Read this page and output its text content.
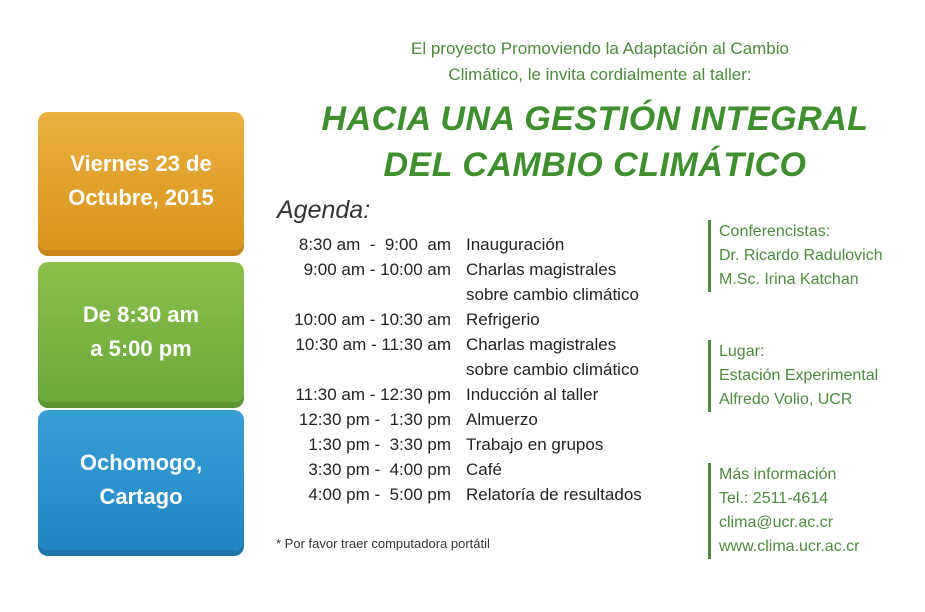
El proyecto Promoviendo la Adaptación al Cambio
Climático, le invita cordialmente al taller:
HACIA UNA GESTIÓN INTEGRAL
DEL CAMBIO CLIMÁTICO
Viernes 23 de
Octubre, 2015
De 8:30 am
a 5:00 pm
Ochomogo,
Cartago
Agenda:
8:30 am  -  9:00  am Inauguración
9:00 am - 10:00 am Charlas magistrales
sobre cambio climático
10:00 am - 10:30 am Refrigerio
10:30 am - 11:30 am Charlas magistrales
sobre cambio climático
11:30 am - 12:30 pm Inducción al taller
12:30 pm -  1:30 pm Almuerzo
1:30 pm -  3:30 pm Trabajo en grupos
3:30 pm -  4:00 pm Café
4:00 pm -  5:00 pm Relatoría de resultados
* Por favor traer computadora portátil
Conferencistas:
Dr. Ricardo Radulovich
M.Sc. Irina Katchan
Lugar:
Estación Experimental
Alfredo Volio, UCR
Más información
Tel.: 2511-4614
clima@ucr.ac.cr
www.clima.ucr.ac.cr
